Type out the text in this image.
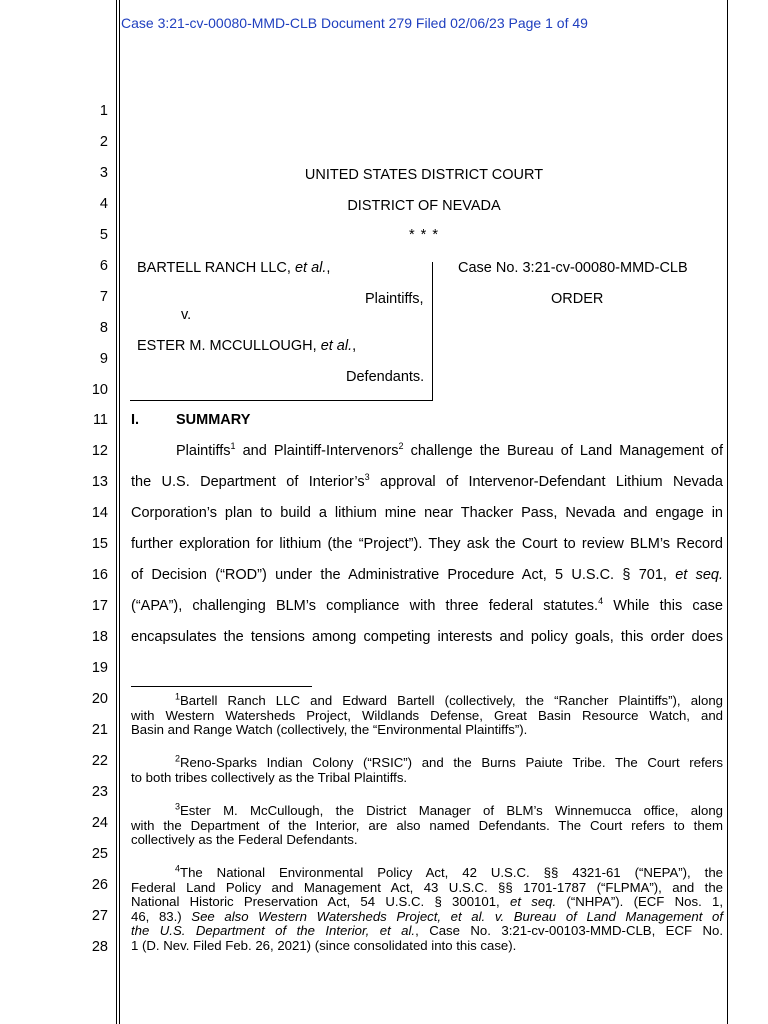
Case 3:21-cv-00080-MMD-CLB Document 279 Filed 02/06/23 Page 1 of 49
1
2
3
4
5
6
7
8
9
10
11
12
13
14
15
16
17
18
19
20
21
22
23
24
25
26
27
28
UNITED STATES DISTRICT COURT
DISTRICT OF NEVADA
* * *
BARTELL RANCH LLC, et al.,
Plaintiffs,
v.
ESTER M. MCCULLOUGH, et al.,
Defendants.
Case No. 3:21-cv-00080-MMD-CLB
ORDER
I.	SUMMARY
Plaintiffs$^1$ and Plaintiff-Intervenors$^2$ challenge the Bureau of Land Management of
the U.S. Department of $Interior’s^3$ approval of Intervenor-Defendant Lithium Nevada
Corporation’s plan to build a lithium mine near Thacker Pass, Nevada and engage in
further exploration for lithium (the “Project”). They ask the Court to review BLM’s Record
of Decision (“ROD”) under the Administrative Procedure Act, 5 U.S.C. § 701, et seq.
(“APA”), challenging BLM’s compliance with three federal statutes.$^4$ While this case
encapsulates the tensions among competing interests and policy goals, this order does
$^1$Bartell Ranch LLC and Edward Bartell (collectively, the “Rancher Plaintiffs”), along
with Western Watersheds Project, Wildlands Defense, Great Basin Resource Watch, and
Basin and Range Watch (collectively, the “Environmental Plaintiffs”).
$^2$Reno-Sparks Indian Colony (“RSIC”) and the Burns Paiute Tribe. The Court refers
to both tribes collectively as the Tribal Plaintiffs.
$^3$Ester M. McCullough, the District Manager of BLM’s Winnemucca office, along
with the Department of the Interior, are also named Defendants. The Court refers to them
collectively as the Federal Defendants.
$^4$The National Environmental Policy Act, 42 U.S.C. §§ 4321-61 (“NEPA”), the
Federal Land Policy and Management Act, 43 U.S.C. §§ 1701-1787 (“FLPMA”), and the
National Historic Preservation Act, 54 U.S.C. § 300101, et seq. (“NHPA”). (ECF Nos. 1,
46, 83.) See also Western Watersheds Project, et al. v. Bureau of Land Management of
the U.S. Department of the Interior, et al., Case No. 3:21-cv-00103-MMD-CLB, ECF No.
1 (D. Nev. Filed Feb. 26, 2021) (since consolidated into this case).
